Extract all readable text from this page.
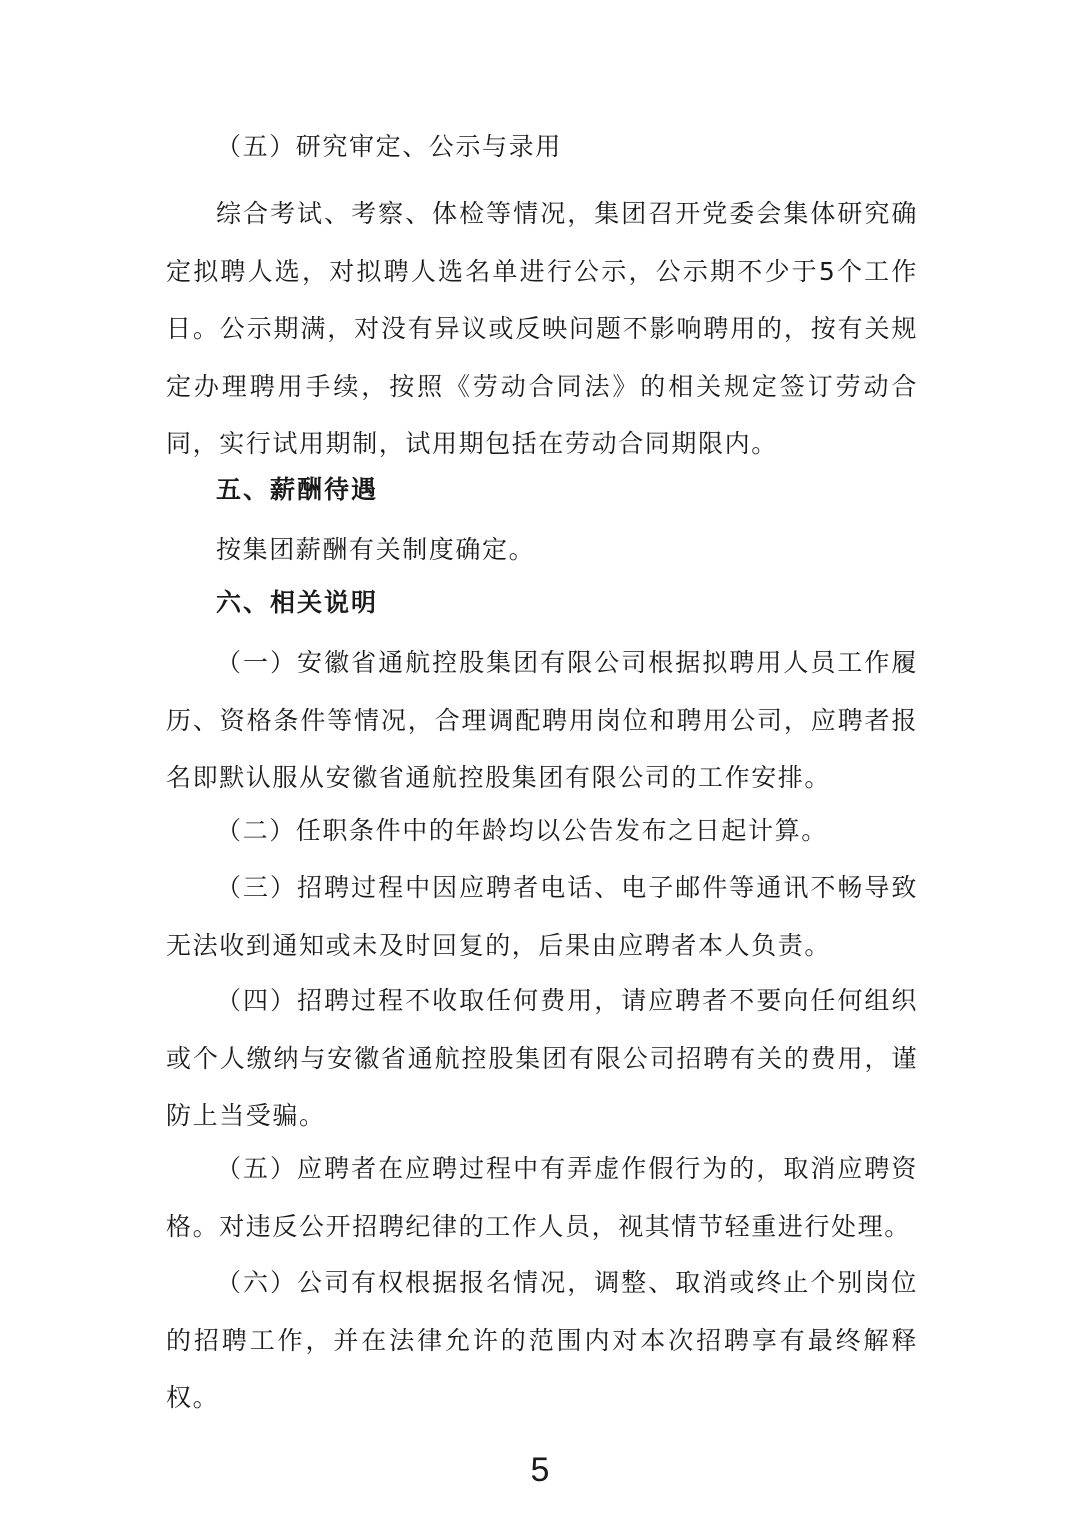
（五）研究审定、公示与录用

综合考试、考察、体检等情况，集团召开党委会集体研究确定拟聘人选，对拟聘人选名单进行公示，公示期不少于5个工作日。公示期满，对没有异议或反映问题不影响聘用的，按有关规定办理聘用手续，按照《劳动合同法》的相关规定签订劳动合同，实行试用期制，试用期包括在劳动合同期限内。

五、薪酬待遇

按集团薪酬有关制度确定。

六、相关说明

（一）安徽省通航控股集团有限公司根据拟聘用人员工作履历、资格条件等情况，合理调配聘用岗位和聘用公司，应聘者报名即默认服从安徽省通航控股集团有限公司的工作安排。

（二）任职条件中的年龄均以公告发布之日起计算。

（三）招聘过程中因应聘者电话、电子邮件等通讯不畅导致无法收到通知或未及时回复的，后果由应聘者本人负责。

（四）招聘过程不收取任何费用，请应聘者不要向任何组织或个人缴纳与安徽省通航控股集团有限公司招聘有关的费用，谨防上当受骗。

（五）应聘者在应聘过程中有弄虚作假行为的，取消应聘资格。对违反公开招聘纪律的工作人员，视其情节轻重进行处理。

（六）公司有权根据报名情况，调整、取消或终止个别岗位的招聘工作，并在法律允许的范围内对本次招聘享有最终解释权。

5
